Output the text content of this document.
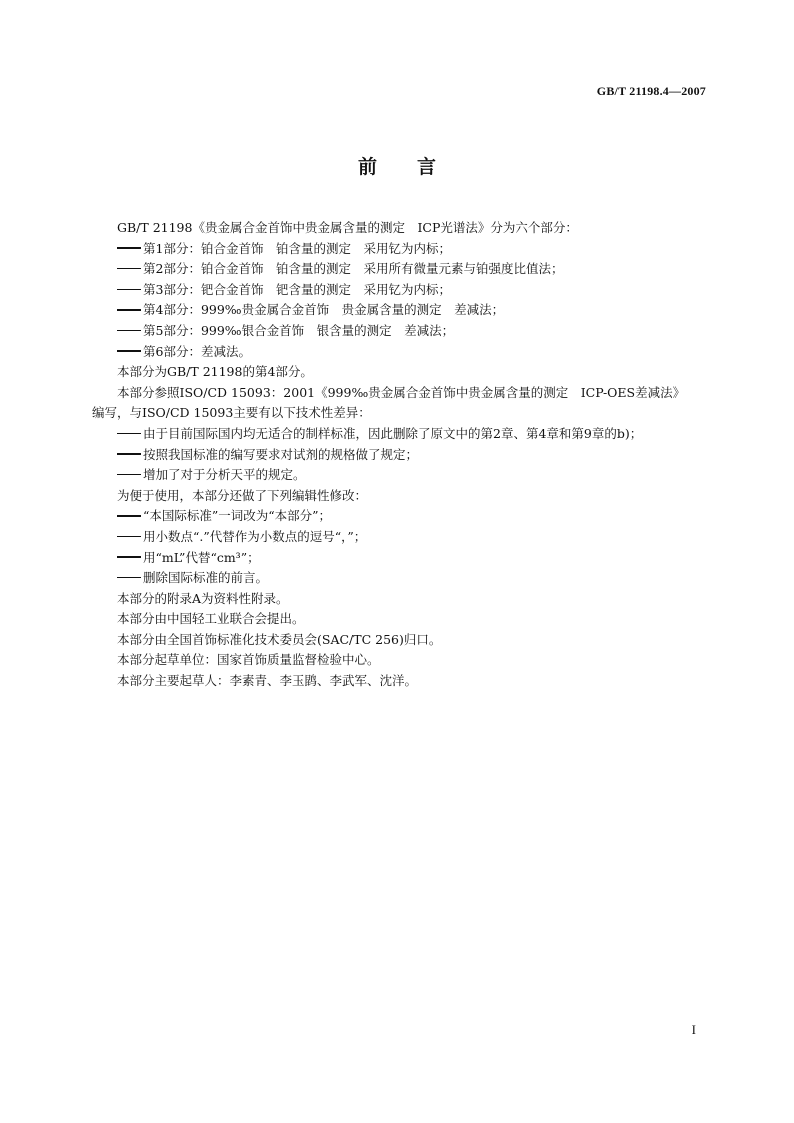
GB/T 21198.4—2007
前言

GB/T 21198《贵金属合金首饰中贵金属含量的测定　ICP光谱法》分为六个部分：

第1部分：铂合金首饰　铂含量的测定　采用钇为内标；

第2部分：铂合金首饰　铂含量的测定　采用所有微量元素与铂强度比值法；

第3部分：钯合金首饰　钯含量的测定　采用钇为内标；

第4部分：999‰贵金属合金首饰　贵金属含量的测定　差减法；

第5部分：999‰银合金首饰　银含量的测定　差减法；

第6部分：差减法。

本部分为GB/T 21198的第4部分。

本部分参照ISO/CD 15093：2001《999‰贵金属合金首饰中贵金属含量的测定　ICP-OES差减法》

编写，与ISO/CD 15093主要有以下技术性差异：

由于目前国际国内均无适合的制样标准，因此删除了原文中的第2章、第4章和第9章的b)；

按照我国标准的编写要求对试剂的规格做了规定；

增加了对于分析天平的规定。

为便于使用，本部分还做了下列编辑性修改：

“本国际标准”一词改为“本部分”；

用小数点“.”代替作为小数点的逗号“，”；

用“mL”代替“cm³”；

删除国际标准的前言。

本部分的附录A为资料性附录。

本部分由中国轻工业联合会提出。

本部分由全国首饰标准化技术委员会(SAC/TC 256)归口。

本部分起草单位：国家首饰质量监督检验中心。

本部分主要起草人：李素青、李玉鹍、李武军、沈洋。

I
